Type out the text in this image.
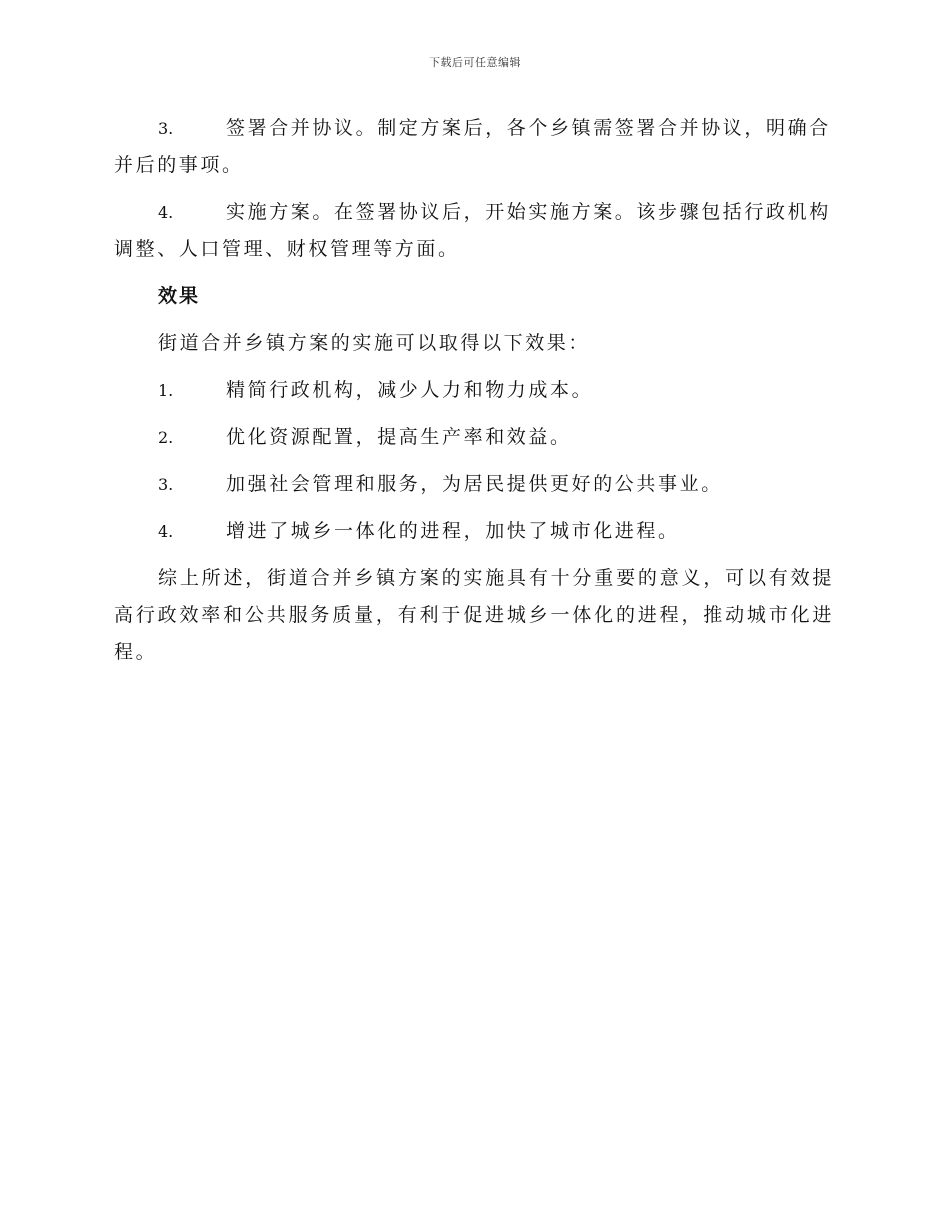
下载后可任意编辑
3.	签署合并协议。制定方案后，各个乡镇需签署合并协议，明确合
并后的事项。
4.	实施方案。在签署协议后，开始实施方案。该步骤包括行政机构
调整、人口管理、财权管理等方面。
效果
街道合并乡镇方案的实施可以取得以下效果：
1.	精简行政机构，减少人力和物力成本。
2.	优化资源配置，提高生产率和效益。
3.	加强社会管理和服务，为居民提供更好的公共事业。
4.	增进了城乡一体化的进程，加快了城市化进程。
综上所述，街道合并乡镇方案的实施具有十分重要的意义，可以有效提高行政效率和公共服务质量，有利于促进城乡一体化的进程，推动城市化进程。
